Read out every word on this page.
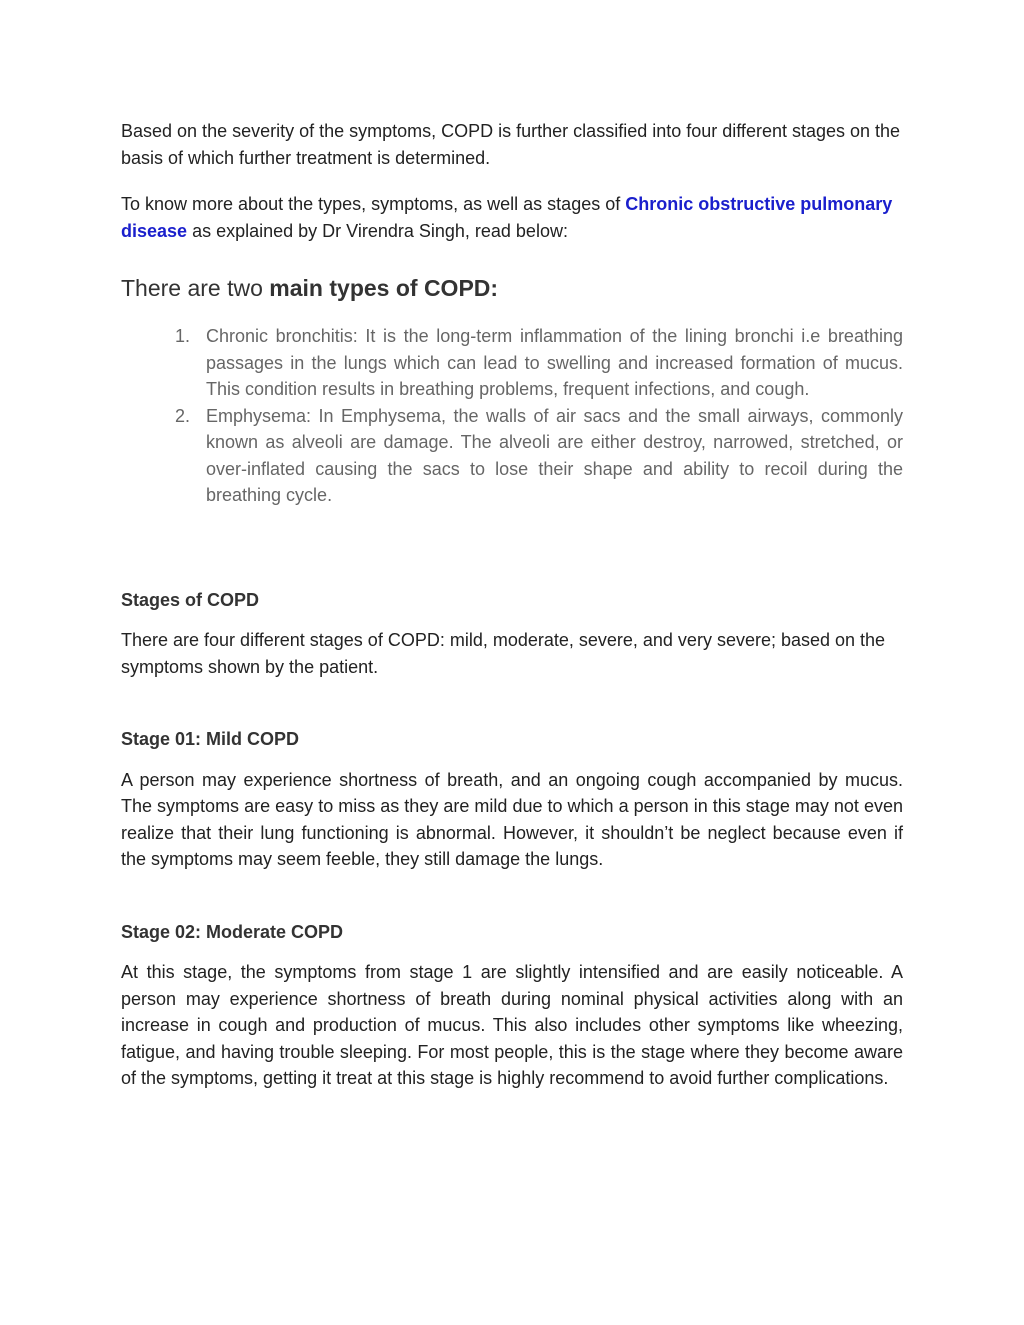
Based on the severity of the symptoms, COPD is further classified into four different stages on the basis of which further treatment is determined.

To know more about the types, symptoms, as well as stages of Chronic obstructive pulmonary disease as explained by Dr Virendra Singh, read below:

There are two main types of COPD:
1. Chronic bronchitis: It is the long-term inflammation of the lining bronchi i.e breathing passages in the lungs which can lead to swelling and increased formation of mucus. This condition results in breathing problems, frequent infections, and cough.
2. Emphysema: In Emphysema, the walls of air sacs and the small airways, commonly known as alveoli are damage. The alveoli are either destroy, narrowed, stretched, or over-inflated causing the sacs to lose their shape and ability to recoil during the breathing cycle.
Stages of COPD

There are four different stages of COPD: mild, moderate, severe, and very severe; based on the symptoms shown by the patient.

Stage 01: Mild COPD

A person may experience shortness of breath, and an ongoing cough accompanied by mucus. The symptoms are easy to miss as they are mild due to which a person in this stage may not even realize that their lung functioning is abnormal. However, it shouldn’t be neglect because even if the symptoms may seem feeble, they still damage the lungs.

Stage 02: Moderate COPD

At this stage, the symptoms from stage 1 are slightly intensified and are easily noticeable. A person may experience shortness of breath during nominal physical activities along with an increase in cough and production of mucus. This also includes other symptoms like wheezing, fatigue, and having trouble sleeping. For most people, this is the stage where they become aware of the symptoms, getting it treat at this stage is highly recommend to avoid further complications.
